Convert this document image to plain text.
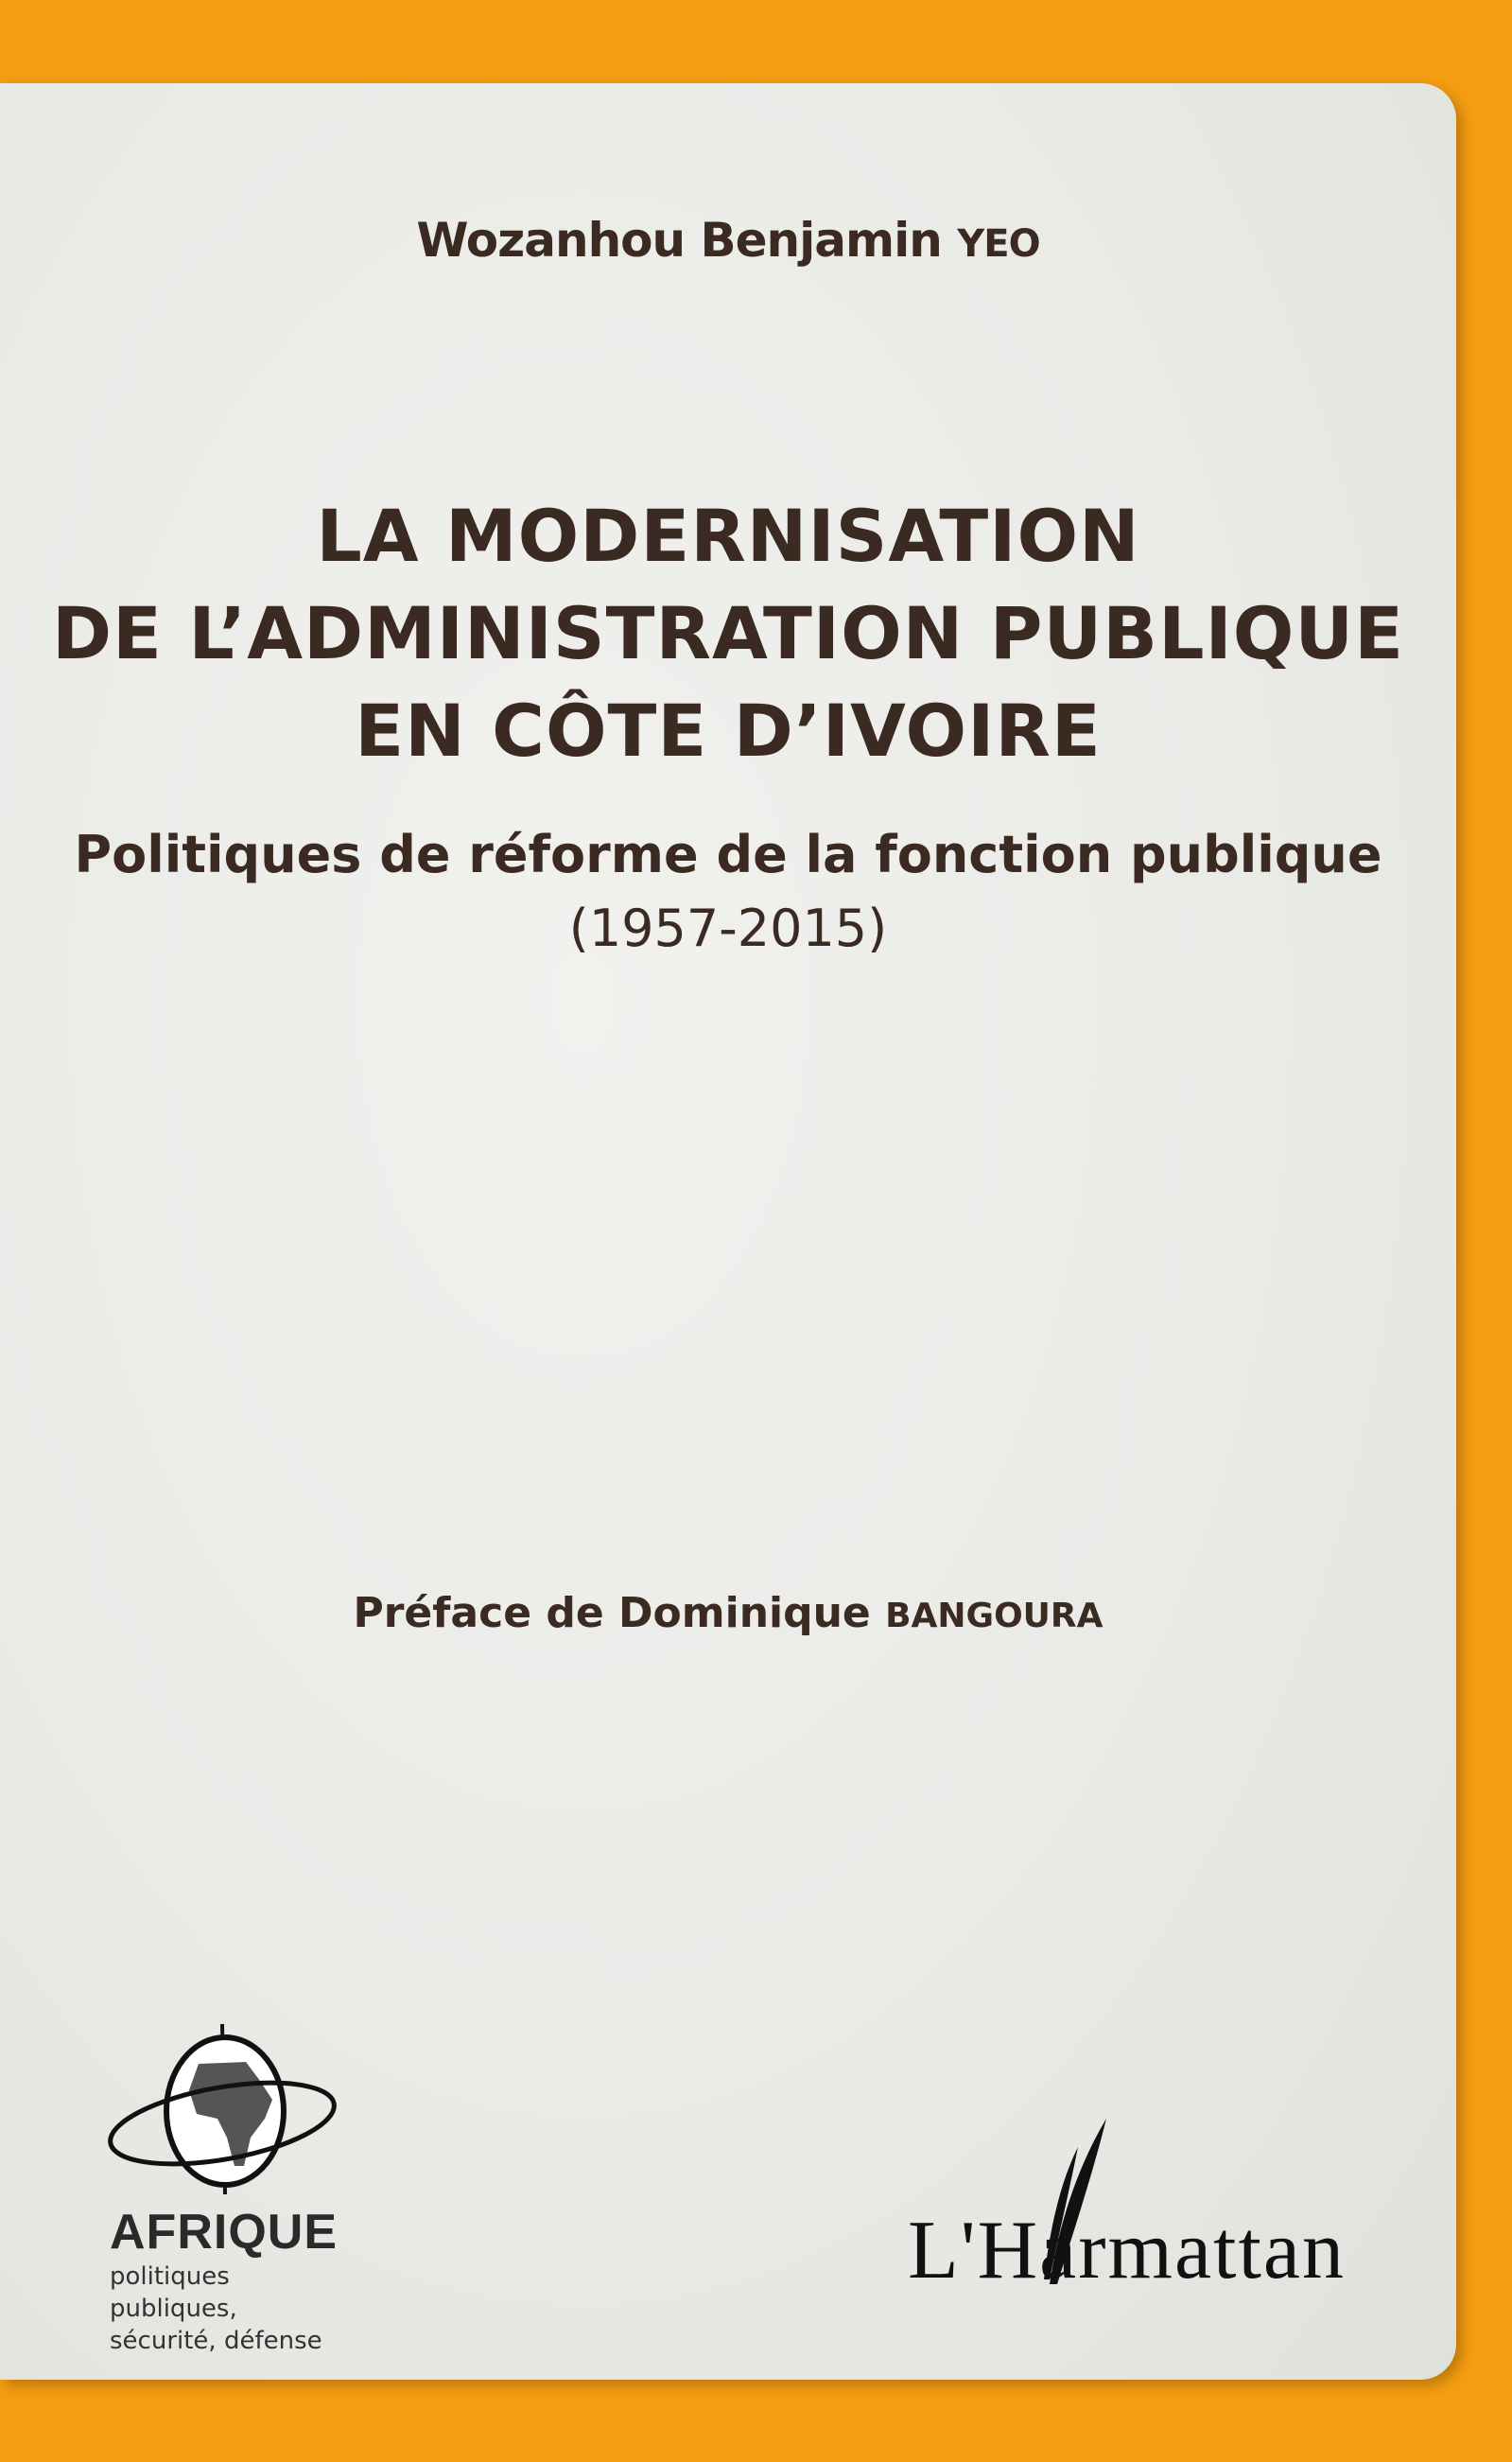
Wozanhou Benjamin YEO
LA MODERNISATION
DE L’ADMINISTRATION PUBLIQUE
EN CÔTE D’IVOIRE
Politiques de réforme de la fonction publique
(1957-2015)
Préface de Dominique BANGOURA
AFRIQUE
politiques publiques,
sécurité, défense
L'Harmattan
